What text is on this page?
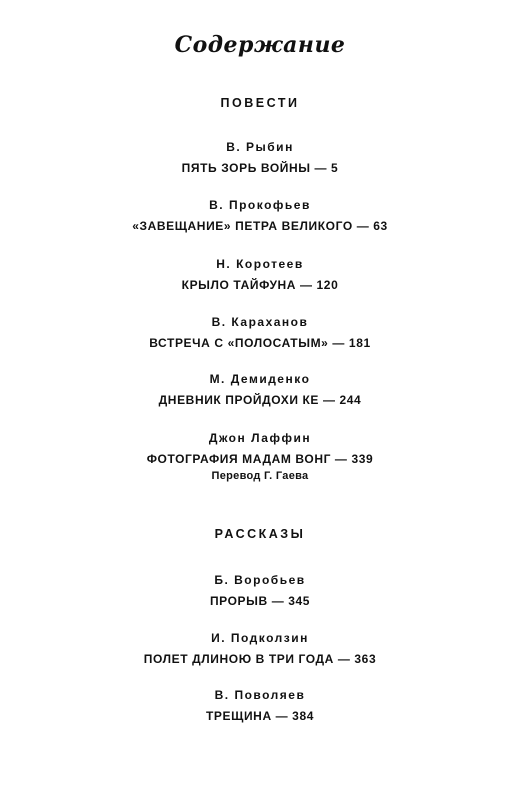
Содержание
ПОВЕСТИ
В. Рыбин
ПЯТЬ ЗОРЬ ВОЙНЫ — 5
В. Прокофьев
«ЗАВЕЩАНИЕ» ПЕТРА ВЕЛИКОГО — 63
Н. Коротеев
КРЫЛО ТАЙФУНА — 120
В. Караханов
ВСТРЕЧА С «ПОЛОСАТЫМ» — 181
М. Демиденко
ДНЕВНИК ПРОЙДОХИ КЕ — 244
Джон Лаффин
ФОТОГРАФИЯ МАДАМ ВОНГ — 339
Перевод Г. Гаева
РАССКАЗЫ
Б. Воробьев
ПРОРЫВ — 345
И. Подколзин
ПОЛЕТ ДЛИНОЮ В ТРИ ГОДА — 363
В. Поволяев
ТРЕЩИНА — 384
